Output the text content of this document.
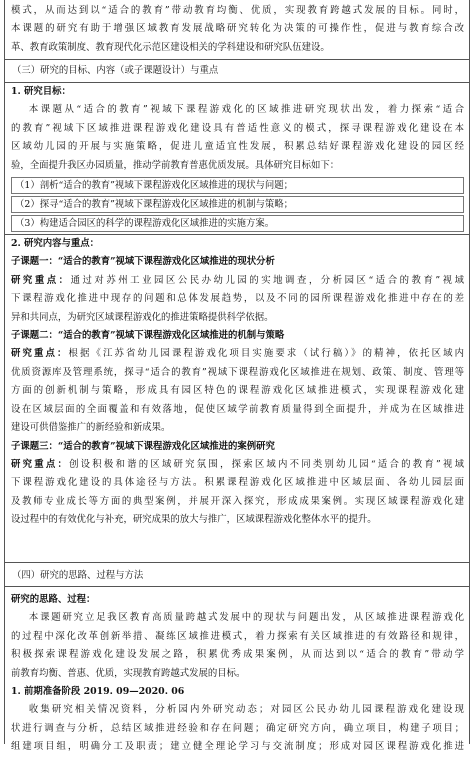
模式，从而达到以“适合的教育”带动教育均衡、优质，实现教育跨越式发展的目标。同时，
本课题的研究有助于增强区域教育发展战略研究转化为决策的可操作性，促进与教育综合改
革、教育政策制度、教育现代化示范区建设相关的学科建设和研究队伍建设。
（三）研究的目标、内容（或子课题设计）与重点
1. 研究目标：
本课题从“适合的教育”视域下课程游戏化的区域推进研究现状出发，着力探索“适合
的教育”视域下区域推进课程游戏化建设具有普适性意义的模式，探寻课程游戏化建设在本
区域幼儿园的开展与实施策略，促进儿童适宜性发展，积累总结好课程游戏化建设的园区经
验，全面提升我区办园质量，推动学前教育普惠优质发展。具体研究目标如下：
（1）剖析“适合的教育”视域下课程游戏化区域推进的现状与问题；
（2）探寻“适合的教育”视域下课程游戏化区域推进的机制与策略；
（3）构建适合园区的科学的课程游戏化区域推进的实施方案。
2. 研究内容与重点：
子课题一：“适合的教育”视域下课程游戏化区域推进的现状分析
研究重点：通过对苏州工业园区公民办幼儿园的实地调查，分析园区“适合的教育”视域
下课程游戏化推进中现存的问题和总体发展趋势，以及不同的园所课程游戏化推进中存在的差
异和共同点，为研究区域课程游戏化的推进策略提供科学依据。
子课题二：“适合的教育”视域下课程游戏化区域推进的机制与策略
研究重点：根据《江苏省幼儿园课程游戏化项目实施要求（试行稿）》的精神，依托区域内
优质资源库及管理系统，探寻“适合的教育”视域下课程游戏化区域推进在规划、政策、制度、管理等
方面的创新机制与策略，形成具有园区特色的课程游戏化区域推进模式，实现课程游戏化建
设在区域层面的全面覆盖和有效落地，促使区域学前教育质量得到全面提升，并成为在区域推进
建设可供借鉴推广的新经验和新成果。
子课题三：“适合的教育”视域下课程游戏化区域推进的案例研究
研究重点：创设积极和谐的区域研究氛围，探索区域内不同类别幼儿园“适合的教育”视域
下课程游戏化建设的具体途径与方法。积累课程游戏化区域推进中区域层面、各幼儿园层面
及教师专业成长等方面的典型案例，并展开深入探究，形成成果案例。实现区域课程游戏化建
设过程中的有效优化与补充，研究成果的放大与推广，区域课程游戏化整体水平的提升。
（四）研究的思路、过程与方法
研究的思路、过程：
本课题研究立足我区教育高质量跨越式发展中的现状与问题出发，从区域推进课程游戏化
的过程中深化改革创新举措、凝练区域推进模式，着力探索有关区域推进的有效路径和规律，
积极探索课程游戏化建设发展之路，积累优秀成果案例，从而达到以“适合的教育”带动学
前教育均衡、普惠、优质，实现教育跨越式发展的目标。
1. 前期准备阶段 2019. 09—2020. 06
收集研究相关情况资料，分析园内外研究动态；对园区公民办幼儿园课程游戏化建设现
状进行调查与分析，总结区域推进经验和存在问题；确定研究方向，确立项目，构建子项目；
组建项目组，明确分工及职责；建立健全理论学习与交流制度；形成对园区课程游戏化推进
